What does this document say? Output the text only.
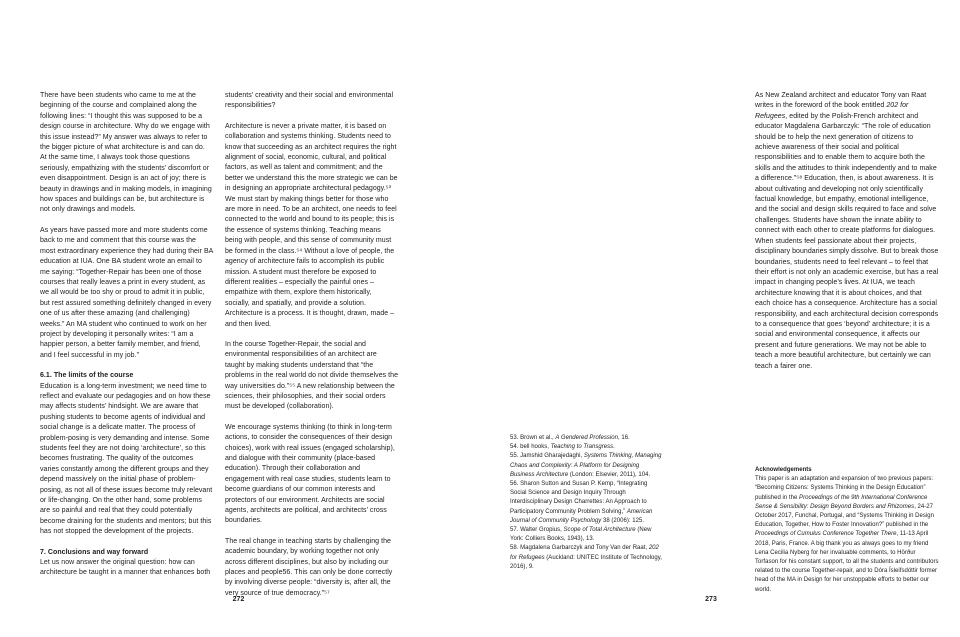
There have been students who came to me at the beginning of the course and complained along the following lines: “I thought this was supposed to be a design course in architecture. Why do we engage with this issue instead?” My answer was always to refer to the bigger picture of what architecture is and can do. At the same time, I always took those questions seriously, empathizing with the students’ discomfort or even disappointment. Design is an act of joy; there is beauty in drawings and in making models, in imagining how spaces and buildings can be, but architecture is not only drawings and models.

As years have passed more and more students come back to me and comment that this course was the most extraordinary experience they had during their BA education at IUA. One BA student wrote an email to me saying: “Together-Repair has been one of those courses that really leaves a print in every student, as we all would be too shy or proud to admit it in public, but rest assured something definitely changed in every one of us after these amazing (and challenging) weeks.” An MA student who continued to work on her project by developing it personally writes: “I am a happier person, a better family member, and friend, and I feel successful in my job.”

6.1. The limits of the course

Education is a long-term investment; we need time to reflect and evaluate our pedagogies and on how these may affects students’ hindsight. We are aware that pushing students to become agents of individual and social change is a delicate matter. The process of problem-posing is very demanding and intense. Some students feel they are not doing ‘architecture’, so this becomes frustrating. The quality of the outcomes varies constantly among the different groups and they depend massively on the initial phase of problem-posing, as not all of these issues become truly relevant or life-changing. On the other hand, some problems are so painful and real that they could potentially become draining for the students and mentors; but this has not stopped the development of the projects.

7. Conclusions and way forward

Let us now answer the original question: how can architecture be taught in a manner that enhances both

students’ creativity and their social and environmental responsibilities?

Architecture is never a private matter, it is based on collaboration and systems thinking. Students need to know that succeeding as an architect requires the right alignment of social, economic, cultural, and political factors, as well as talent and commitment; and the better we understand this the more strategic we can be in designing an appropriate architectural pedagogy.⁵³ We must start by making things better for those who are more in need. To be an architect, one needs to feel connected to the world and bound to its people; this is the essence of systems thinking. Teaching means being with people, and this sense of community must be formed in the class.⁵⁴ Without a love of people, the agency of architecture fails to accomplish its public mission. A student must therefore be exposed to different realities – especially the painful ones – empathize with them, explore them historically, socially, and spatially, and provide a solution. Architecture is a process. It is thought, drawn, made – and then lived.

In the course Together-Repair, the social and environmental responsibilities of an architect are taught by making students understand that “the problems in the real world do not divide themselves the way universities do.”⁵⁵ A new relationship between the sciences, their philosophies, and their social orders must be developed (collaboration).

We encourage systems thinking (to think in long-term actions, to consider the consequences of their design choices), work with real issues (engaged scholarship), and dialogue with their community (place-based education). Through their collaboration and engagement with real case studies, students learn to become guardians of our common interests and protectors of our environment. Architects are social agents, architects are political, and architects’ cross boundaries.

The real change in teaching starts by challenging the academic boundary, by working together not only across different disciplines, but also by including our places and people56. This can only be done correctly by involving diverse people: “diversity is, after all, the very source of true democracy.”⁵⁷

272

53. Brown et al., A Gendered Profession, 16.

54. bell hooks, Teaching to Transgress.

55. Jamshid Gharajedaghi, Systems Thinking, Managing Chaos and Complexity: A Platform for Designing Business Architecture (London: Elsevier, 2011), 104.

56. Sharon Sutton and Susan P. Kemp, “Integrating Social Science and Design Inquiry Through Interdisciplinary Design Charrettes: An Approach to Participatory Community Problem Solving,” American Journal of Community Psychology 38 (2006): 125.

57. Walter Gropius, Scope of Total Architecture (New York: Colliers Books, 1943), 13.

58. Magdalena Garbarczyk and Tony Van der Raat, 202 for Refugees (Auckland: UNITEC Institute of Technology, 2016), 9.

As New Zealand architect and educator Tony van Raat writes in the foreword of the book entitled 202 for Refugees, edited by the Polish-French architect and educator Magdalena Garbarczyk: “The role of education should be to help the next generation of citizens to achieve awareness of their social and political responsibilities and to enable them to acquire both the skills and the attitudes to think independently and to make a difference.”⁵⁸ Education, then, is about awareness. It is about cultivating and developing not only scientifically factual knowledge, but empathy, emotional intelligence, and the social and design skills required to face and solve challenges. Students have shown the innate ability to connect with each other to create platforms for dialogues. When students feel passionate about their projects, disciplinary boundaries simply dissolve. But to break those boundaries, students need to feel relevant – to feel that their effort is not only an academic exercise, but has a real impact in changing people’s lives. At IUA, we teach architecture knowing that it is about choices, and that each choice has a consequence. Architecture has a social responsibility, and each architectural decision corresponds to a consequence that goes ‘beyond’ architecture; it is a social and environmental consequence, it affects our present and future generations. We may not be able to teach a more beautiful architecture, but certainly we can teach a fairer one.

Acknowledgements

This paper is an adaptation and expansion of two previous papers: “Becoming Citizens: Systems Thinking in the Design Education” published in the Proceedings of the 9th International Conference Sense & Sensibility: Design Beyond Borders and Rhizomes, 24-27 October 2017, Funchal, Portugal, and “Systems Thinking in Design Education, Together, How to Foster Innovation?” published in the Proceedings of Cumulus Conference Together There, 11-13 April 2018, Paris, France. A big thank you as always goes to my friend Lena Cecilia Nyberg for her invaluable comments, to Hörður Torfason for his constant support, to all the students and contributors related to the course Together-repair, and to Dóra Ísleifsdóttir former head of the MA in Design for her unstoppable efforts to better our world.

273
